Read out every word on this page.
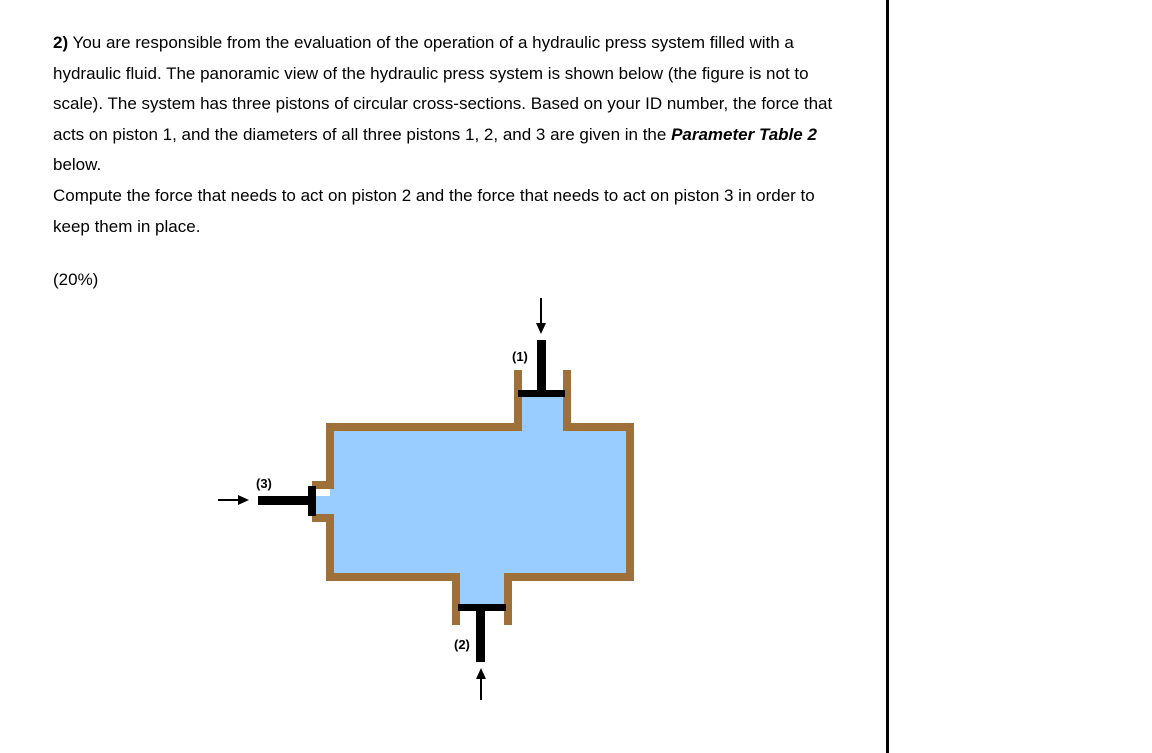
2) You are responsible from the evaluation of the operation of a hydraulic press system filled with a hydraulic fluid. The panoramic view of the hydraulic press system is shown below (the figure is not to scale). The system has three pistons of circular cross-sections. Based on your ID number, the force that acts on piston 1, and the diameters of all three pistons 1, 2, and 3 are given in the Parameter Table 2 below.

Compute the force that needs to act on piston 2 and the force that needs to act on piston 3 in order to keep them in place.

(20%)
(1)
(2)
(3)
